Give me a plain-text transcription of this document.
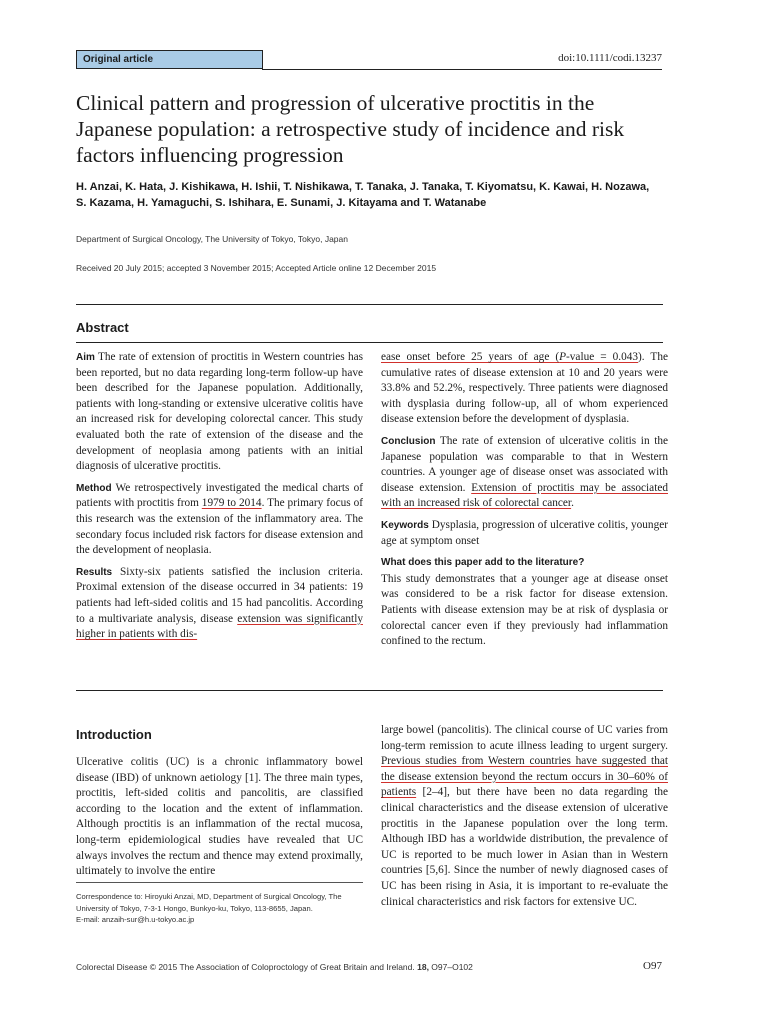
Original article	doi:10.1111/codi.13237
Clinical pattern and progression of ulcerative proctitis in the Japanese population: a retrospective study of incidence and risk factors influencing progression

H. Anzai, K. Hata, J. Kishikawa, H. Ishii, T. Nishikawa, T. Tanaka, J. Tanaka, T. Kiyomatsu, K. Kawai, H. Nozawa, S. Kazama, H. Yamaguchi, S. Ishihara, E. Sunami, J. Kitayama and T. Watanabe

Department of Surgical Oncology, The University of Tokyo, Tokyo, Japan
Received 20 July 2015; accepted 3 November 2015; Accepted Article online 12 December 2015
Abstract

Aim The rate of extension of proctitis in Western countries has been reported, but no data regarding long-term follow-up have been described for the Japanese population. Additionally, patients with long-standing or extensive ulcerative colitis have an increased risk for developing colorectal cancer. This study evaluated both the rate of extension of the disease and the development of neoplasia among patients with an initial diagnosis of ulcerative proctitis.

Method We retrospectively investigated the medical charts of patients with proctitis from 1979 to 2014. The primary focus of this research was the extension of the inflammatory area. The secondary focus included risk factors for disease extension and the development of neoplasia.

Results Sixty-six patients satisfied the inclusion criteria. Proximal extension of the disease occurred in 34 patients: 19 patients had left-sided colitis and 15 had pancolitis. According to a multivariate analysis, disease extension was significantly higher in patients with dis-

ease onset before 25 years of age (P-value = 0.043). The cumulative rates of disease extension at 10 and 20 years were 33.8% and 52.2%, respectively. Three patients were diagnosed with dysplasia during follow-up, all of whom experienced disease extension before the development of dysplasia.

Conclusion The rate of extension of ulcerative colitis in the Japanese population was comparable to that in Western countries. A younger age of disease onset was associated with disease extension. Extension of proctitis may be associated with an increased risk of colorectal cancer.

Keywords Dysplasia, progression of ulcerative colitis, younger age at symptom onset

What does this paper add to the literature?
This study demonstrates that a younger age at disease onset was considered to be a risk factor for disease extension. Patients with disease extension may be at risk of dysplasia or colorectal cancer even if they previously had inflammation confined to the rectum.

Introduction

Ulcerative colitis (UC) is a chronic inflammatory bowel disease (IBD) of unknown aetiology [1]. The three main types, proctitis, left-sided colitis and pancolitis, are classified according to the location and the extent of inflammation. Although proctitis is an inflammation of the rectal mucosa, long-term epidemiological studies have revealed that UC always involves the rectum and thence may extend proximally, ultimately to involve the entire

Correspondence to: Hiroyuki Anzai, MD, Department of Surgical Oncology, The University of Tokyo, 7-3-1 Hongo, Bunkyo-ku, Tokyo, 113-8655, Japan.
E-mail: anzaih-sur@h.u-tokyo.ac.jp

large bowel (pancolitis). The clinical course of UC varies from long-term remission to acute illness leading to urgent surgery. Previous studies from Western countries have suggested that the disease extension beyond the rectum occurs in 30–60% of patients [2–4], but there have been no data regarding the clinical characteristics and the disease extension of ulcerative proctitis in the Japanese population over the long term. Although IBD has a worldwide distribution, the prevalence of UC is reported to be much lower in Asian than in Western countries [5,6]. Since the number of newly diagnosed cases of UC has been rising in Asia, it is important to re-evaluate the clinical characteristics and risk factors for extensive UC.

Colorectal Disease © 2015 The Association of Coloproctology of Great Britain and Ireland. 18, O97–O102	O97
